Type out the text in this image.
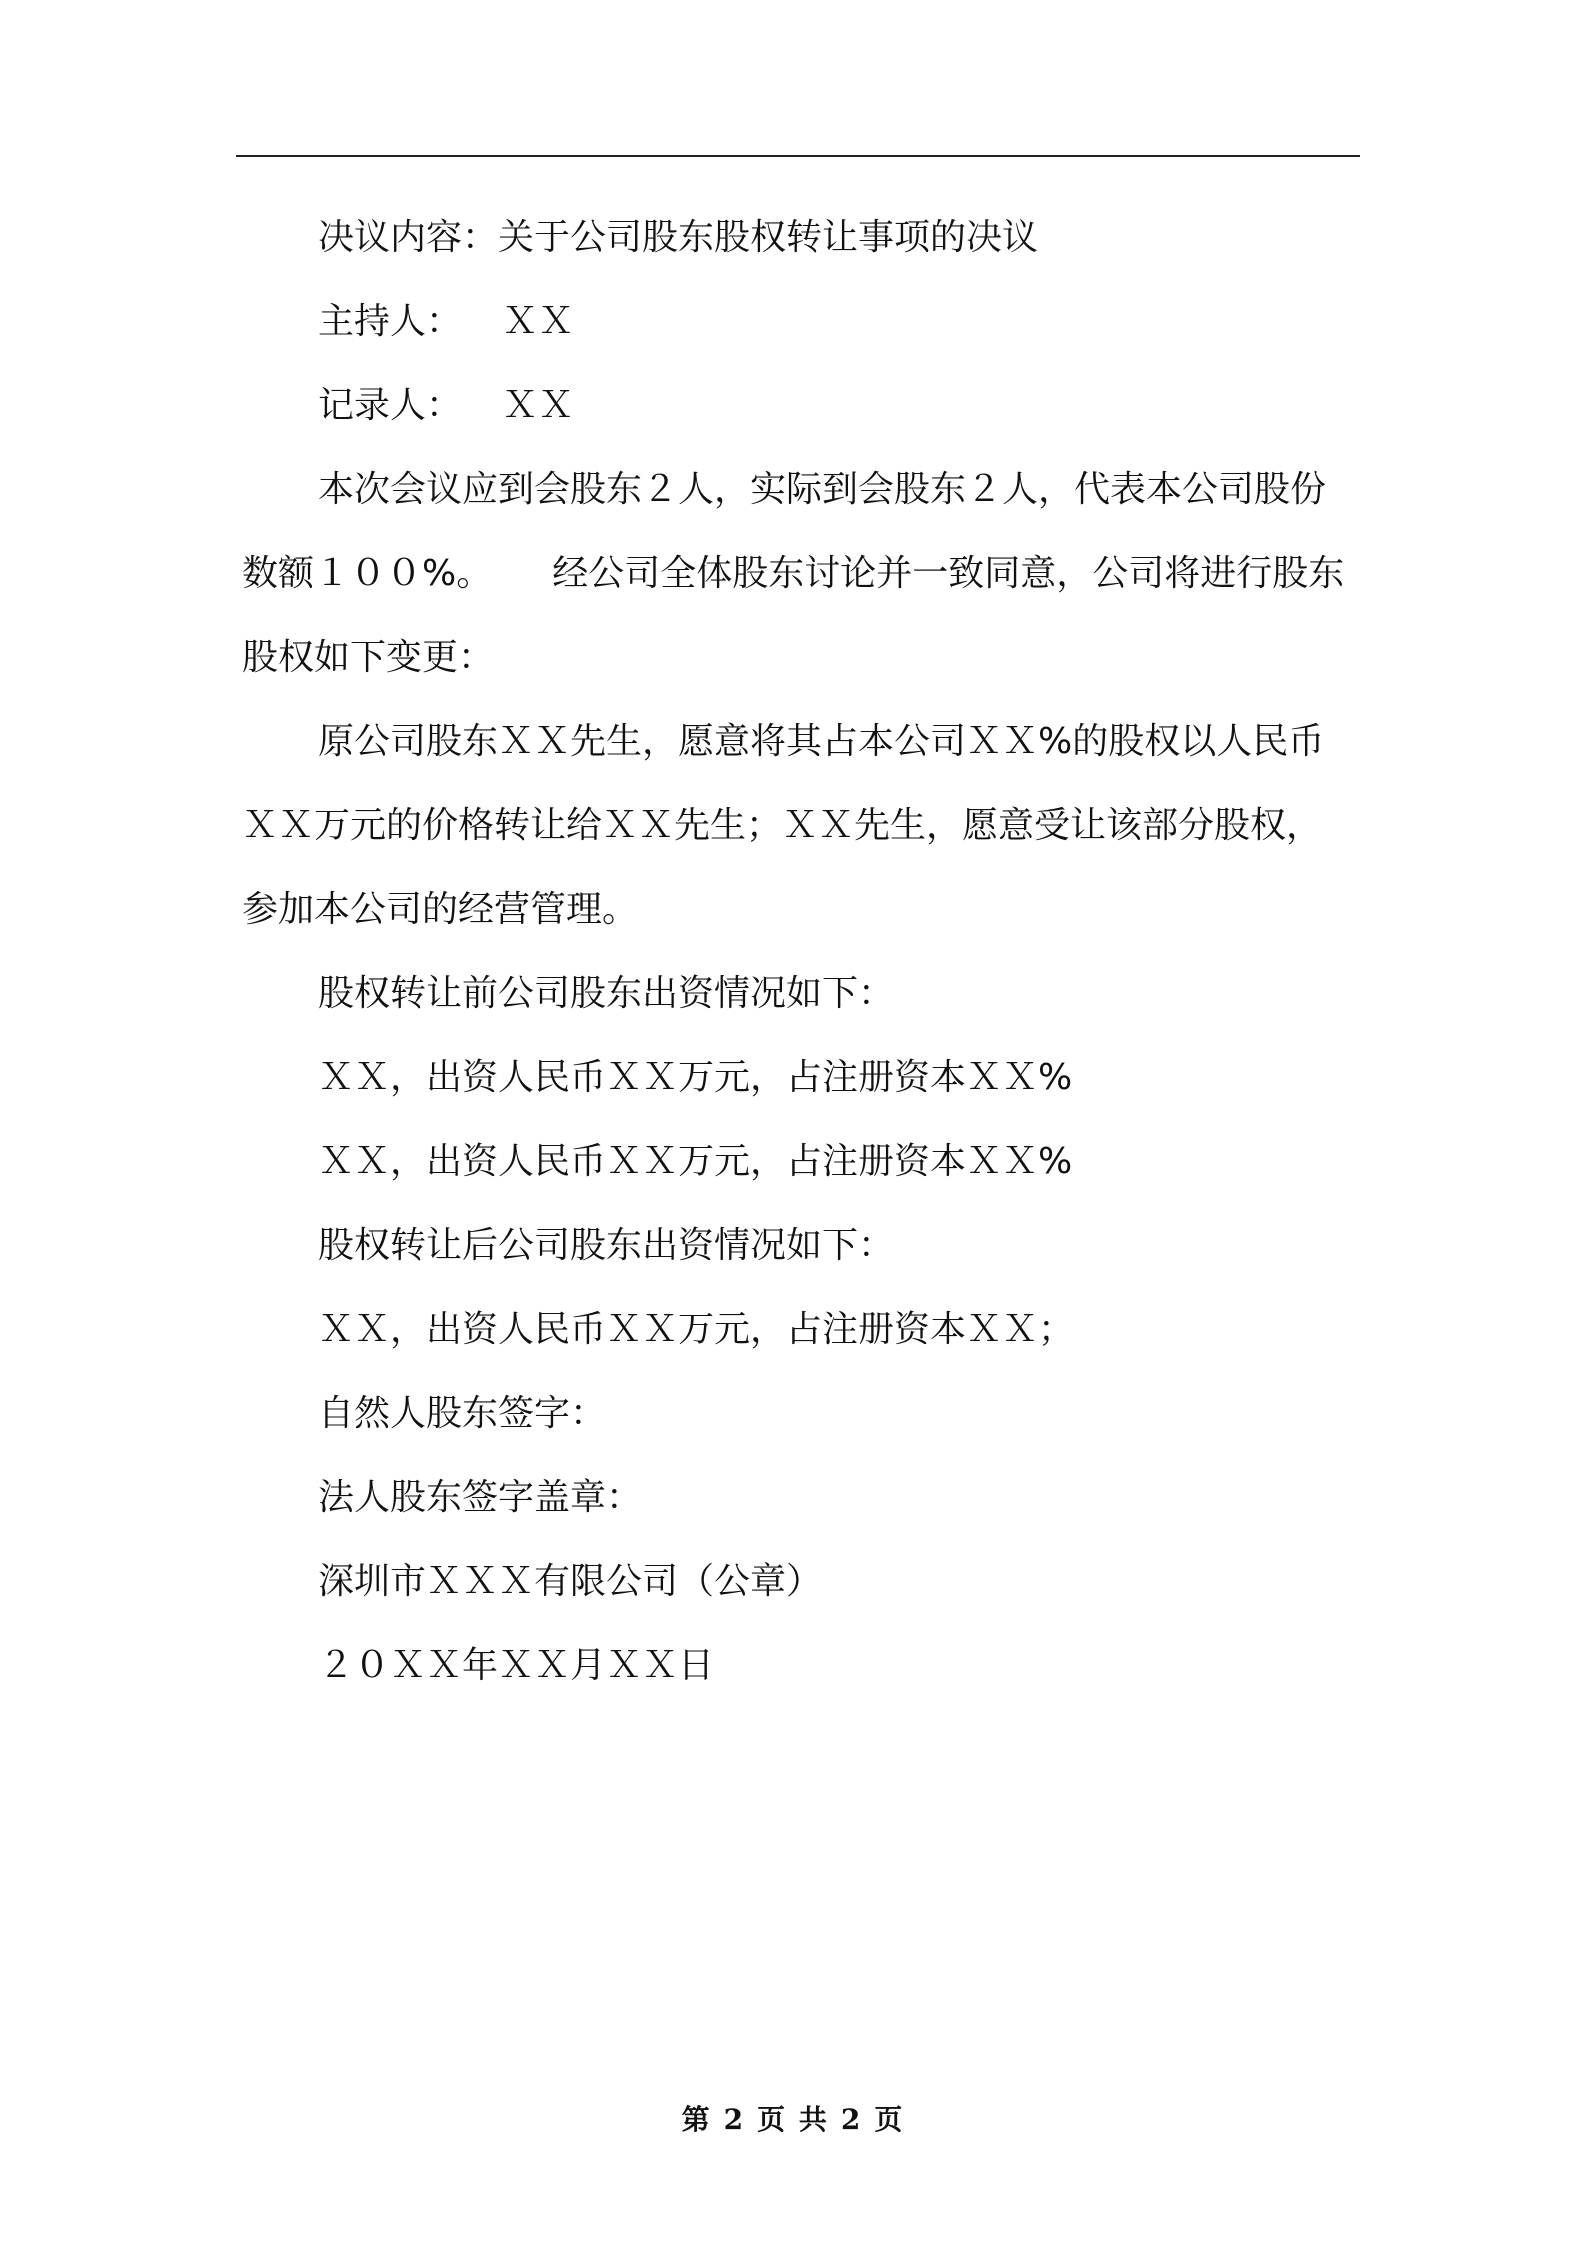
决议内容：关于公司股东股权转让事项的决议
主持人： ＸＸ
记录人： ＸＸ
本次会议应到会股东２人，实际到会股东２人，代表本公司股份
数额１００%。 经公司全体股东讨论并一致同意，公司将进行股东
股权如下变更：
原公司股东ＸＸ先生，愿意将其占本公司ＸＸ%的股权以人民币
ＸＸ万元的价格转让给ＸＸ先生；ＸＸ先生，愿意受让该部分股权，
参加本公司的经营管理。
股权转让前公司股东出资情况如下：
ＸＸ，出资人民币ＸＸ万元，占注册资本ＸＸ%
ＸＸ，出资人民币ＸＸ万元，占注册资本ＸＸ%
股权转让后公司股东出资情况如下：
ＸＸ，出资人民币ＸＸ万元，占注册资本ＸＸ；
自然人股东签字：
法人股东签字盖章：
深圳市ＸＸＸ有限公司（公章）
２０ＸＸ年ＸＸ月ＸＸ日
第 2 页 共 2 页
